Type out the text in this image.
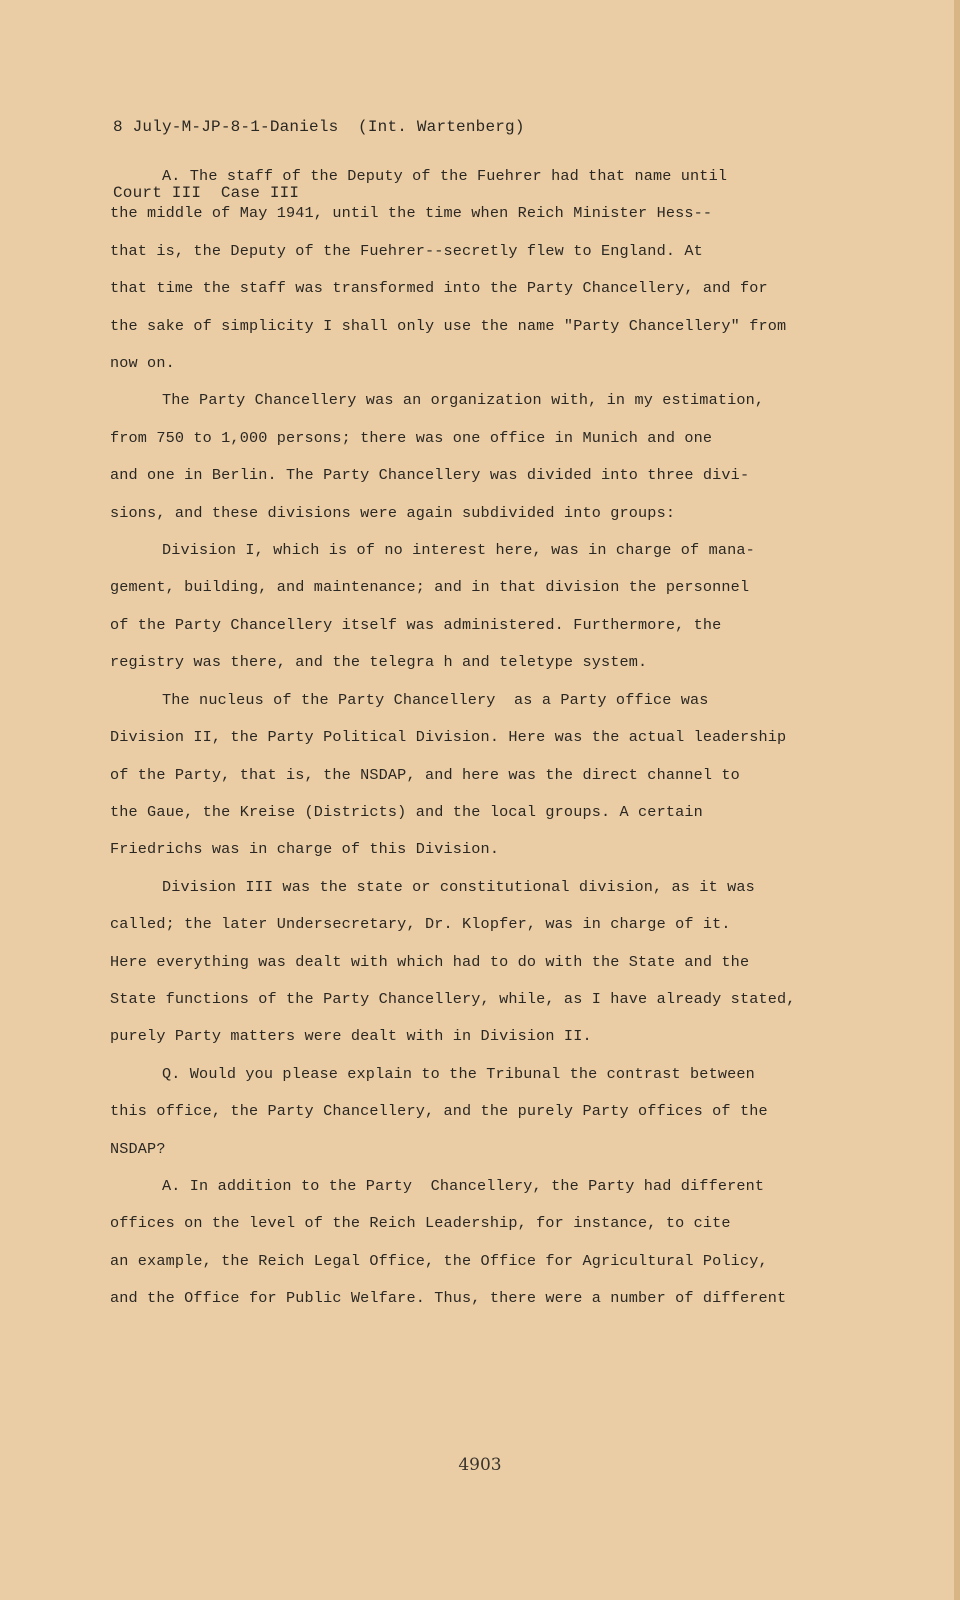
8 July-M-JP-8-1-Daniels  (Int. Wartenberg)

Court III  Case III

A. The staff of the Deputy of the Fuehrer had that name until
the middle of May 1941, until the time when Reich Minister Hess--
that is, the Deputy of the Fuehrer--secretly flew to England. At
that time the staff was transformed into the Party Chancellery, and for
the sake of simplicity I shall only use the name "Party Chancellery" from
now on.
The Party Chancellery was an organization with, in my estimation,
from 750 to 1,000 persons; there was one office in Munich and one
and one in Berlin. The Party Chancellery was divided into three divi-
sions, and these divisions were again subdivided into groups:
Division I, which is of no interest here, was in charge of mana-
gement, building, and maintenance; and in that division the personnel
of the Party Chancellery itself was administered. Furthermore, the
registry was there, and the telegra h and teletype system.
The nucleus of the Party Chancellery  as a Party office was
Division II, the Party Political Division. Here was the actual leadership
of the Party, that is, the NSDAP, and here was the direct channel to
the Gaue, the Kreise (Districts) and the local groups. A certain
Friedrichs was in charge of this Division.
Division III was the state or constitutional division, as it was
called; the later Undersecretary, Dr. Klopfer, was in charge of it.
Here everything was dealt with which had to do with the State and the
State functions of the Party Chancellery, while, as I have already stated,
purely Party matters were dealt with in Division II.
Q. Would you please explain to the Tribunal the contrast between
this office, the Party Chancellery, and the purely Party offices of the
NSDAP?
A. In addition to the Party  Chancellery, the Party had different
offices on the level of the Reich Leadership, for instance, to cite
an example, the Reich Legal Office, the Office for Agricultural Policy,
and the Office for Public Welfare. Thus, there were a number of different
4903
